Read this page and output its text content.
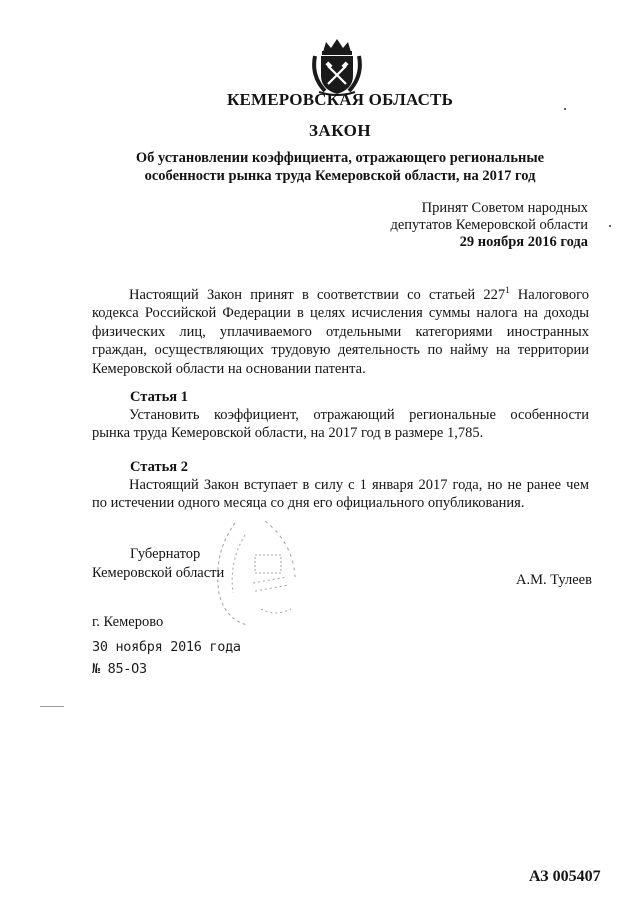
КЕМЕРОВСКАЯ ОБЛАСТЬ
ЗАКОН
Об установлении коэффициента, отражающего региональные
особенности рынка труда Кемеровской области, на 2017 год
Принят Советом народных
депутатов Кемеровской области
29 ноября 2016 года
Настоящий Закон принят в соответствии со статьей $227^1$ Налогового
кодекса Российской Федерации в целях исчисления суммы налога на доходы
физических лиц, уплачиваемого отдельными категориями иностранных
граждан, осуществляющих трудовую деятельность по найму на территории
Кемеровской области на основании патента.
Статья 1
Установить коэффициент, отражающий региональные особенности
рынка труда Кемеровской области, на 2017 год в размере 1,785.
Статья 2
Настоящий Закон вступает в силу с 1 января 2017 года, но не ранее чем
по истечении одного месяца со дня его официального опубликования.
Губернатор
Кемеровской области	А.М. Тулеев
г. Кемерово
30 ноября 2016 года
№ 85-ОЗ
АЗ 005407
